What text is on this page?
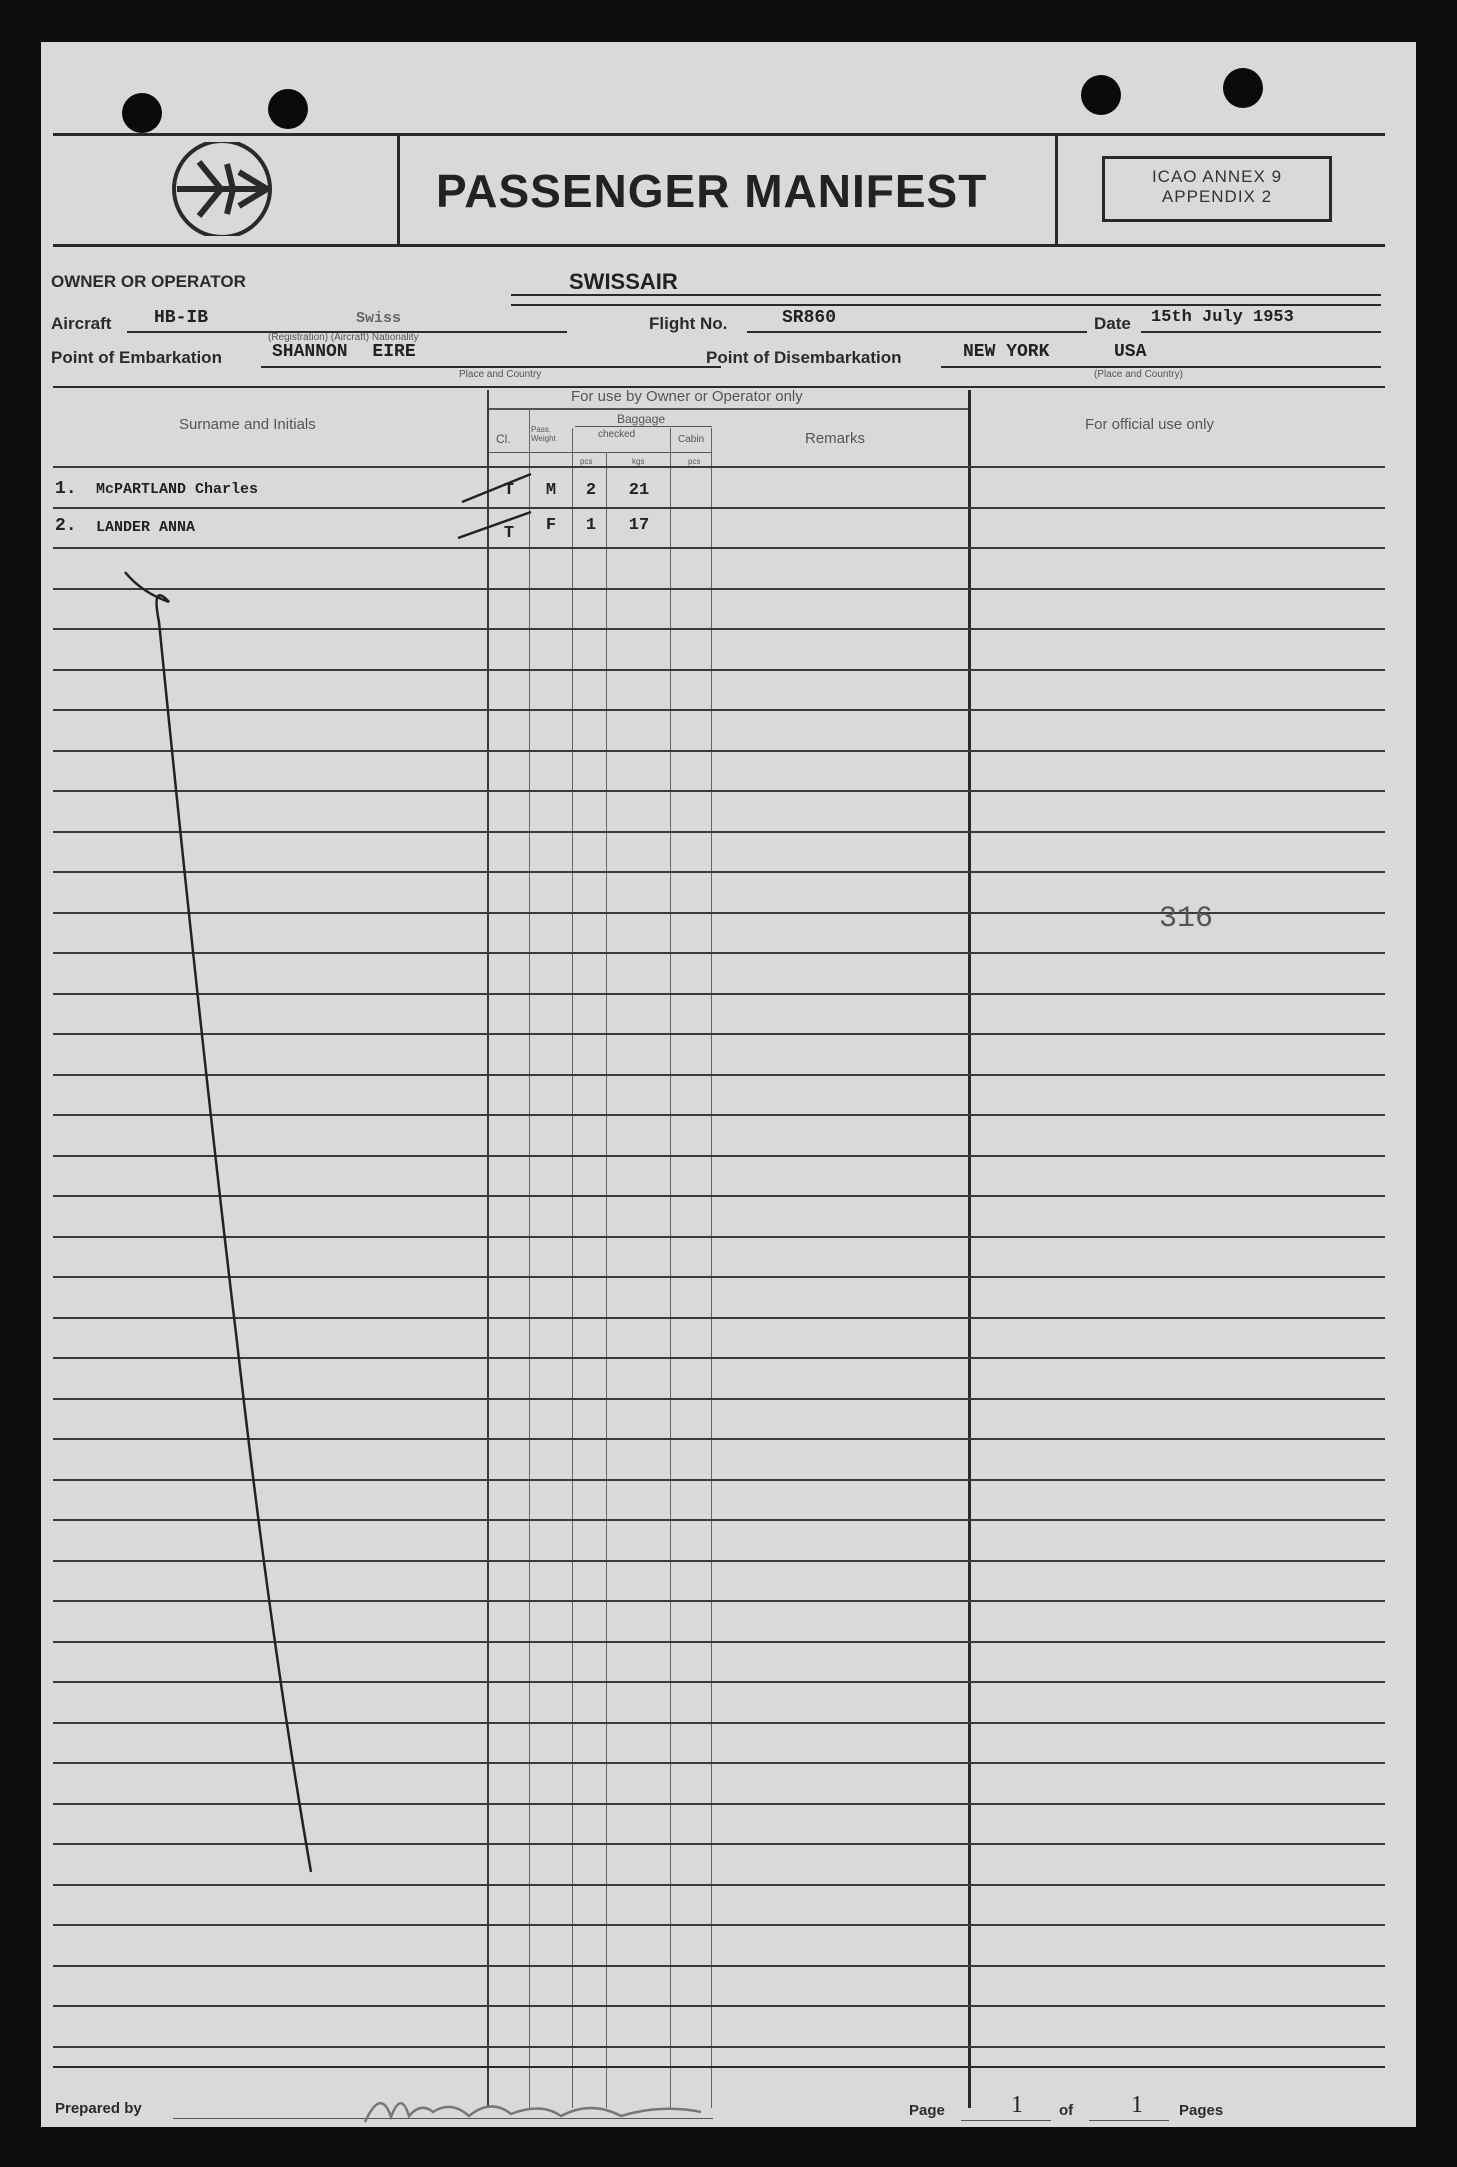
PASSENGER MANIFEST	ICAO ANNEX 9
APPENDIX 2
OWNER OR OPERATOR	SWISSAIR
Aircraft HB-IB	Swiss	Flight No.	SR860	Date 15th July 1953
(Registration) (Aircraft) Nationality
Point of Embarkation	SHANNON EIRE
Place and Country
Point of Disembarkation	NEW YORK	USA
(Place and Country)
Surname and Initials
For use by Owner or Operator only
Baggage
checked	Cabin
Cl.
Pass. Weight
pcs	kgs	pcs
Remarks
For official use only
1. McPARTLAND Charles	T	M	2	21
2. LANDER ANNA	T	F	1	17
316
Prepared by	Page	1 of 1 Pages
